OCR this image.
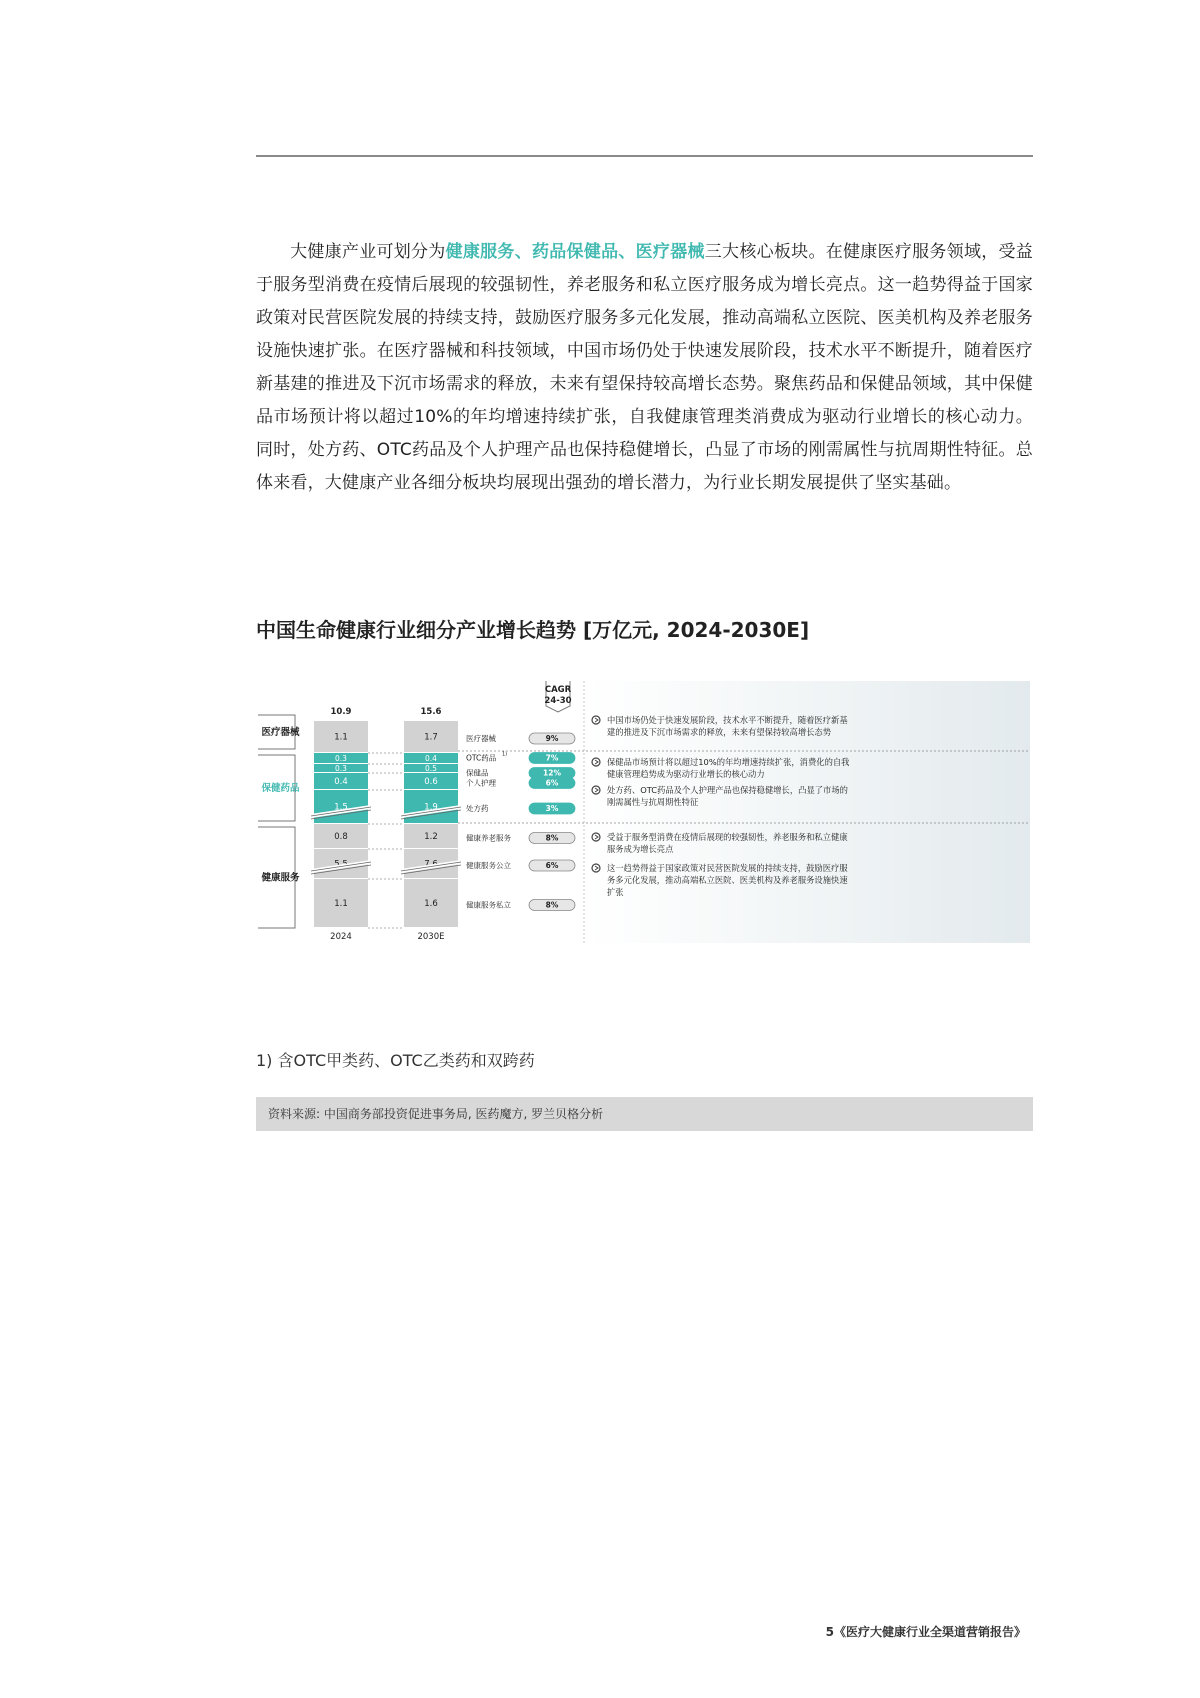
大健康产业可划分为健康服务、药品保健品、医疗器械三大核心板块。在健康医疗服务领域，受益于服务型消费在疫情后展现的较强韧性，养老服务和私立医疗服务成为增长亮点。这一趋势得益于国家政策对民营医院发展的持续支持，鼓励医疗服务多元化发展，推动高端私立医院、医美机构及养老服务设施快速扩张。在医疗器械和科技领域，中国市场仍处于快速发展阶段，技术水平不断提升，随着医疗新基建的推进及下沉市场需求的释放，未来有望保持较高增长态势。聚焦药品和保健品领域，其中保健品市场预计将以超过10%的年均增速持续扩张，自我健康管理类消费成为驱动行业增长的核心动力。同时，处方药、OTC药品及个人护理产品也保持稳健增长，凸显了市场的刚需属性与抗周期性特征。总体来看，大健康产业各细分板块均展现出强劲的增长潜力，为行业长期发展提供了坚实基础。

中国生命健康行业细分产业增长趋势 [万亿元, 2024-2030E]
医疗器械
保健药品
健康服务
10.9	15.6
2024	2030E
1.1	1.7
0.3	0.4
0.3	0.5
0.4	0.6
1.5	1.9
0.8	1.2
5.5	7.6
1.1	1.6
CAGR
24-30
医疗器械	9%
OTC药品 1)	7%
保健品	12%
个人护理	6%
处方药	3%
健康养老服务	8%
健康服务公立	6%
健康服务私立	8%
中国市场仍处于快速发展阶段，技术水平不断提升，随着医疗新基
建的推进及下沉市场需求的释放，未来有望保持较高增长态势
保健品市场预计将以超过10%的年均增速持续扩张，消费化的自我
健康管理趋势成为驱动行业增长的核心动力
处方药、OTC药品及个人护理产品也保持稳健增长，凸显了市场的
刚需属性与抗周期性特征
受益于服务型消费在疫情后展现的较强韧性，养老服务和私立健康
服务成为增长亮点
这一趋势得益于国家政策对民营医院发展的持续支持，鼓励医疗服
务多元化发展，推动高端私立医院、医美机构及养老服务设施快速
扩张
1) 含OTC甲类药、OTC乙类药和双跨药
资料来源: 中国商务部投资促进事务局, 医药魔方, 罗兰贝格分析
5《医疗大健康行业全渠道营销报告》
